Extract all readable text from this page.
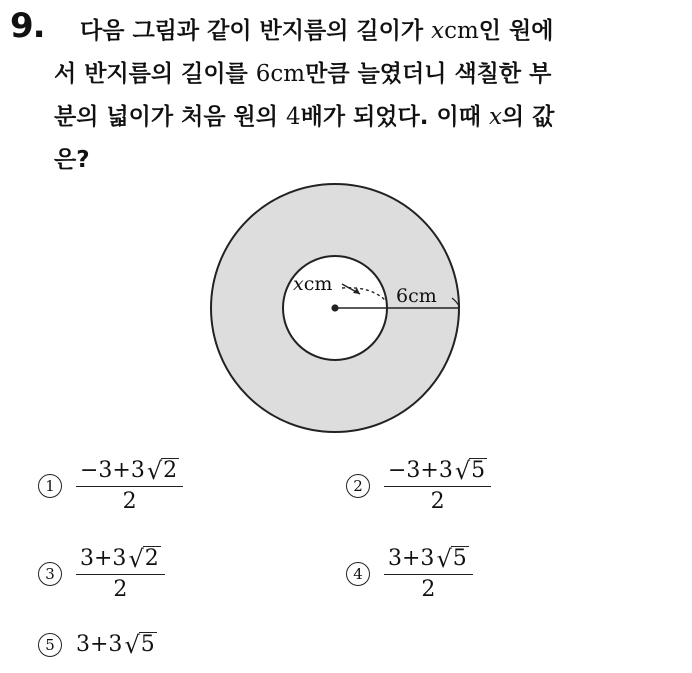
9. 다음 그림과 같이 반지름의 길이가 xcm인 원에
서 반지름의 길이를 6cm만큼 늘였더니 색칠한 부
분의 넓이가 처음 원의 4배가 되었다. 이때 x의 값
은?
xcm
6cm
$1 \frac{-3+3 √ 2}{2}$	$2 \frac{-3+3 √ 5}{2}$
$3 \frac{3+3 √ 2}{2}$	$4 \frac{3+3 √ 5}{2}$
5 3+3 √ 5
